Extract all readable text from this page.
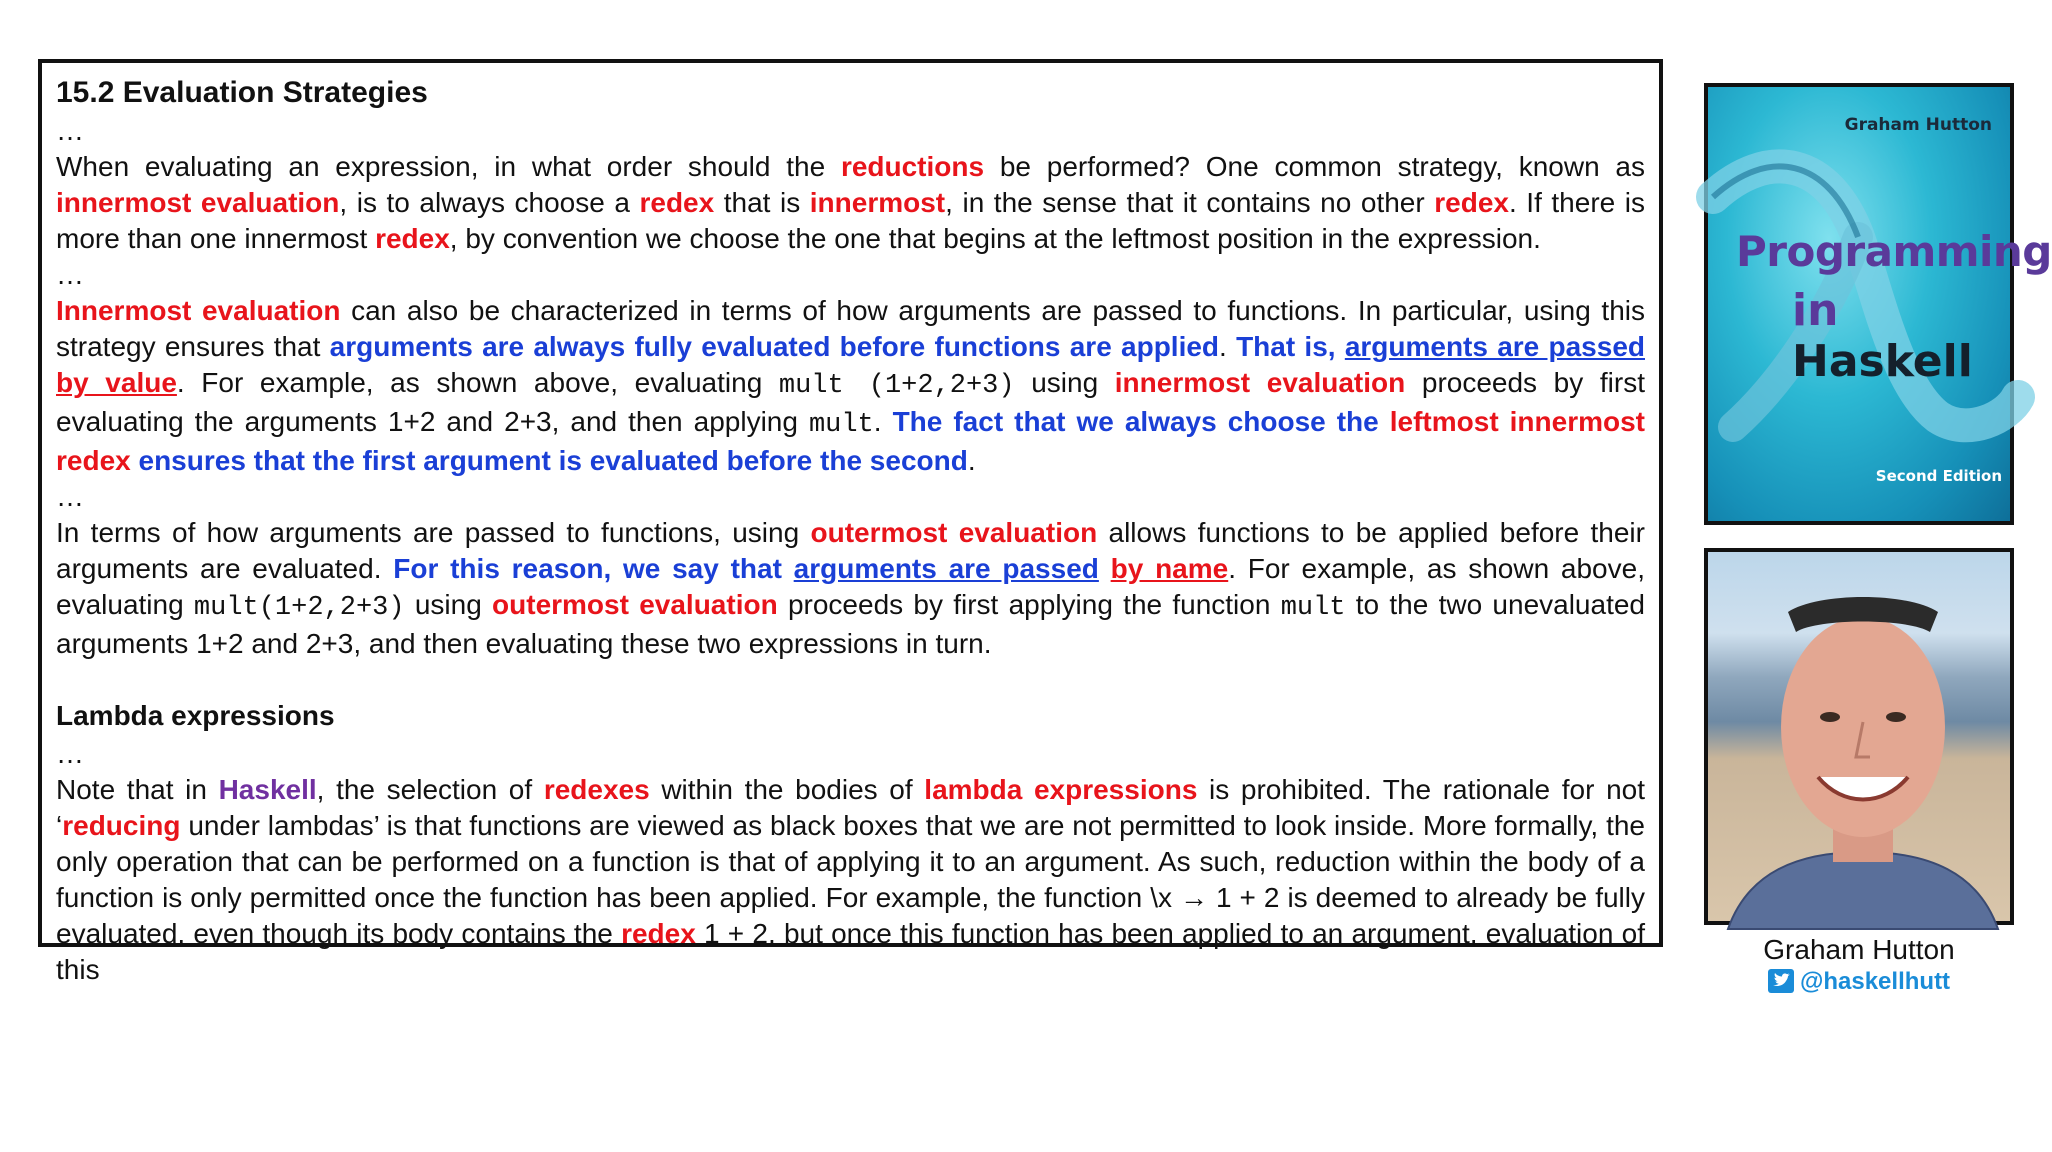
15.2 Evaluation Strategies
…

When evaluating an expression, in what order should the reductions be performed? One common strategy, known as innermost evaluation, is to always choose a redex that is innermost, in the sense that it contains no other redex. If there is more than one innermost redex, by convention we choose the one that begins at the leftmost position in the expression.

…

Innermost evaluation can also be characterized in terms of how arguments are passed to functions. In particular, using this strategy ensures that arguments are always fully evaluated before functions are applied. That is, arguments are passed by value. For example, as shown above, evaluating mult (1+2,2+3) using innermost evaluation proceeds by first evaluating the arguments 1+2 and 2+3, and then applying mult. The fact that we always choose the leftmost innermost redex ensures that the first argument is evaluated before the second.

…

In terms of how arguments are passed to functions, using outermost evaluation allows functions to be applied before their arguments are evaluated. For this reason, we say that arguments are passed by name. For example, as shown above, evaluating mult(1+2,2+3) using outermost evaluation proceeds by first applying the function mult to the two unevaluated arguments 1+2 and 2+3, and then evaluating these two expressions in turn.

Lambda expressions
…

Note that in Haskell, the selection of redexes within the bodies of lambda expressions is prohibited. The rationale for not ‘reducing under lambdas’ is that functions are viewed as black boxes that we are not permitted to look inside. More formally, the only operation that can be performed on a function is that of applying it to an argument. As such, reduction within the body of a function is only permitted once the function has been applied. For example, the function \x → 1 + 2 is deemed to already be fully evaluated, even though its body contains the redex 1 + 2, but once this function has been applied to an argument, evaluation of this

Graham Hutton
Programming
in Haskell
Second Edition
Graham Hutton
@haskellhutt
